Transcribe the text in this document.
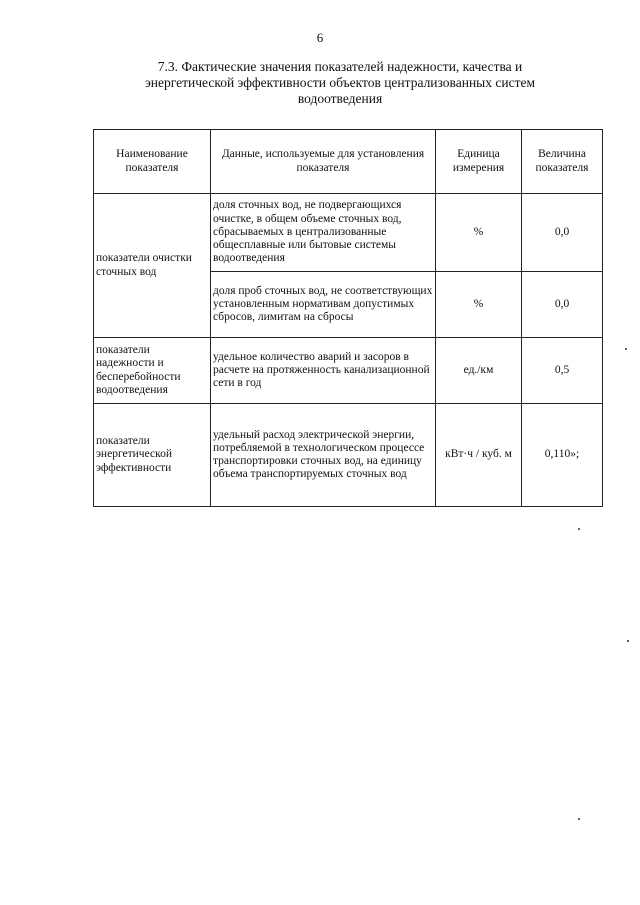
6
7.3. Фактические значения показателей надежности, качества и энергетической эффективности объектов централизованных систем водоотведения
Наименование показателя	Данные, используемые для установления показателя	Единица измерения	Величина показателя
показатели очистки сточных вод	доля сточных вод, не подвергающихся очистке, в общем объеме сточных вод, сбрасываемых в централизованные общесплавные или бытовые системы водоотведения	%	0,0
	доля проб сточных вод, не соответствующих установленным нормативам допустимых сбросов, лимитам на сбросы	%	0,0
показатели надежности и бесперебойности водоотведения	удельное количество аварий и засоров в расчете на протяженность канализационной сети в год	ед./км	0,5
показатели энергетической эффективности	удельный расход электрической энергии, потребляемой в технологическом процессе транспортировки сточных вод, на единицу объема транспортируемых сточных вод	кВт·ч / куб. м	0,110»;
